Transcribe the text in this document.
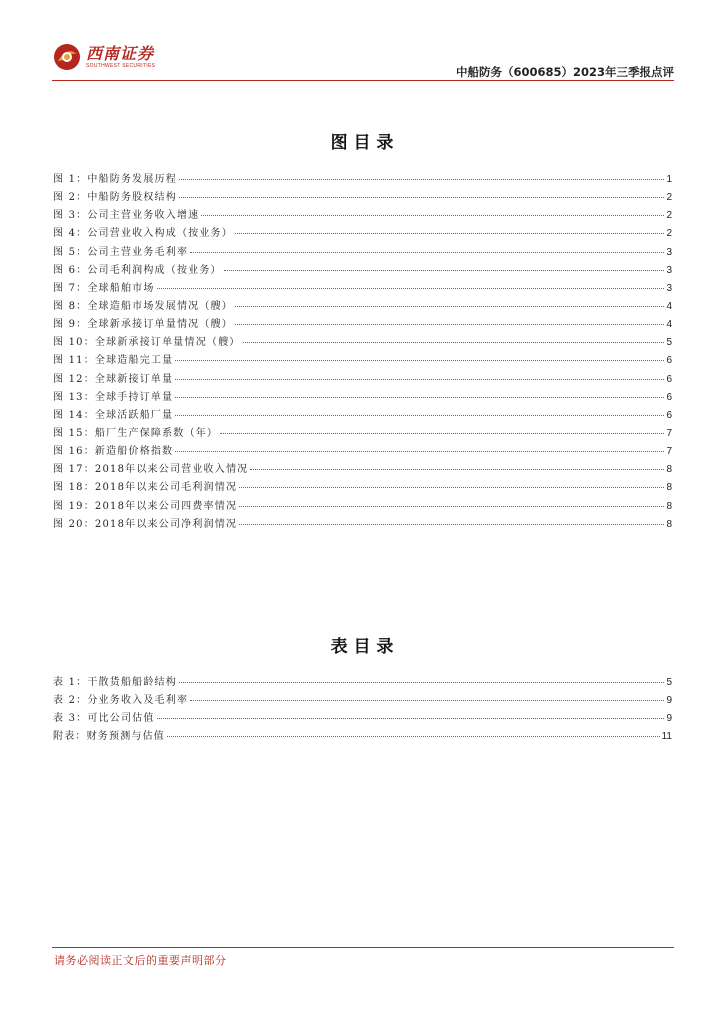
西南证券
SOUTHWEST SECURITIES	中船防务（600685）2023年三季报点评
图 目 录
图 1：中船防务发展历程	1
图 2：中船防务股权结构	2
图 3：公司主营业务收入增速	2
图 4：公司营业收入构成（按业务）	2
图 5：公司主营业务毛利率	3
图 6：公司毛利润构成（按业务）	3
图 7：全球船舶市场	3
图 8：全球造船市场发展情况（艘）	4
图 9：全球新承接订单量情况（艘）	4
图 10：全球新承接订单量情况（艘）	5
图 11：全球造船完工量	6
图 12：全球新接订单量	6
图 13：全球手持订单量	6
图 14：全球活跃船厂量	6
图 15：船厂生产保障系数（年）	7
图 16：新造船价格指数	7
图 17：2018年以来公司营业收入情况	8
图 18：2018年以来公司毛利润情况	8
图 19：2018年以来公司四费率情况	8
图 20：2018年以来公司净利润情况	8
表 目 录
表 1：干散货船船龄结构	5
表 2：分业务收入及毛利率	9
表 3：可比公司估值	9
附表：财务预测与估值	11
请务必阅读正文后的重要声明部分
